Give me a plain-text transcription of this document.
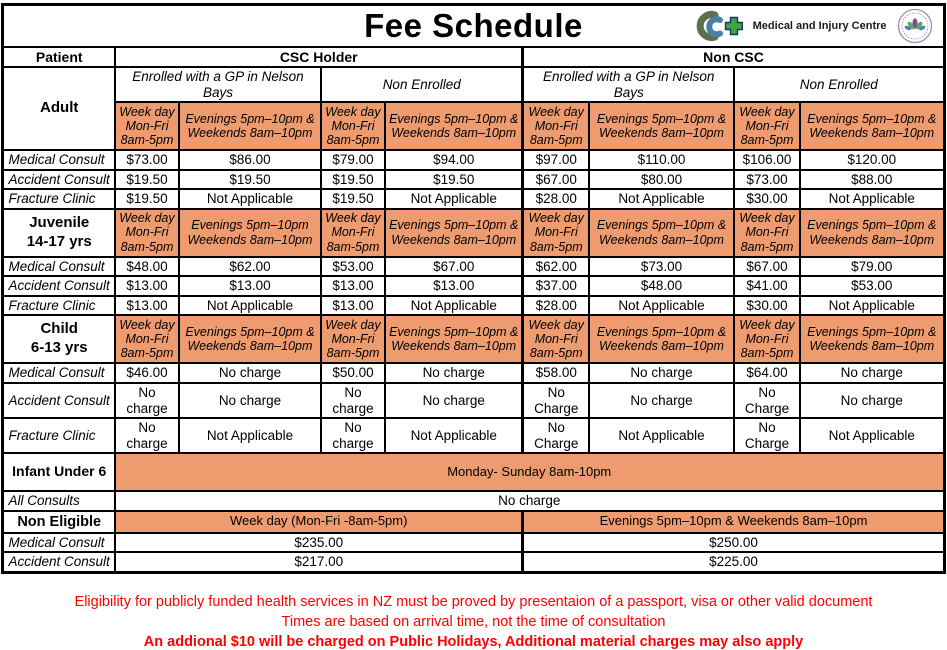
Fee Schedule Medical and Injury Centre								

Patient	CSC Holder				Non CSC			
Adult	Enrolled with a GP in Nelson Bays		Non Enrolled		Enrolled with a GP in Nelson Bays		Non Enrolled	
	Week day Mon-Fri 8am-5pm	Evenings 5pm–10pm & Weekends 8am–10pm	Week day Mon-Fri 8am-5pm	Evenings 5pm–10pm & Weekends 8am–10pm	Week day Mon-Fri 8am-5pm	Evenings 5pm–10pm & Weekends 8am–10pm	Week day Mon-Fri 8am-5pm	Evenings 5pm–10pm & Weekends 8am–10pm
Medical Consult	$73.00	$86.00	$79.00	$94.00	$97.00	$110.00	$106.00	$120.00
Accident Consult	$19.50	$19.50	$19.50	$19.50	$67.00	$80.00	$73.00	$88.00
Fracture Clinic	$19.50	Not Applicable	$19.50	Not Applicable	$28.00	Not Applicable	$30.00	Not Applicable

Juvenile
14-17 yrs	Week day Mon-Fri 8am-5pm	Evenings 5pm–10pm Weekends 8am–10pm	Week day Mon-Fri 8am-5pm	Evenings 5pm–10pm & Weekends 8am–10pm	Week day Mon-Fri 8am-5pm	Evenings 5pm–10pm & Weekends 8am–10pm	Week day Mon-Fri 8am-5pm	Evenings 5pm–10pm & Weekends 8am–10pm
Medical Consult	$48.00	$62.00	$53.00	$67.00	$62.00	$73.00	$67.00	$79.00
Accident Consult	$13.00	$13.00	$13.00	$13.00	$37.00	$48.00	$41.00	$53.00
Fracture Clinic	$13.00	Not Applicable	$13.00	Not Applicable	$28.00	Not Applicable	$30.00	Not Applicable

Child
6-13 yrs	Week day Mon-Fri 8am-5pm	Evenings 5pm–10pm & Weekends 8am–10pm	Week day Mon-Fri 8am-5pm	Evenings 5pm–10pm & Weekends 8am–10pm	Week day Mon-Fri 8am-5pm	Evenings 5pm–10pm & Weekends 8am–10pm	Week day Mon-Fri 8am-5pm	Evenings 5pm–10pm & Weekends 8am–10pm
Medical Consult	$46.00	No charge	$50.00	No charge	$58.00	No charge	$64.00	No charge
Accident Consult	No charge	No charge	No charge	No charge	No Charge	No charge	No Charge	No charge
Fracture Clinic	No charge	Not Applicable	No charge	Not Applicable	No Charge	Not Applicable	No Charge	Not Applicable
Infant Under 6	Monday- Sunday 8am-10pm							
All Consults	No charge							
Non Eligible	Week day (Mon-Fri -8am-5pm)				Evenings 5pm–10pm & Weekends 8am–10pm			
Medical Consult	$235.00				$250.00			
Accident Consult	$217.00				$225.00			

Eligibility for publicly funded health services in NZ must be proved by presentaion of a passport, visa or other valid document

Times are based on arrival time, not the time of consultation

An addional $10 will be charged on Public Holidays, Additional material charges may also apply
